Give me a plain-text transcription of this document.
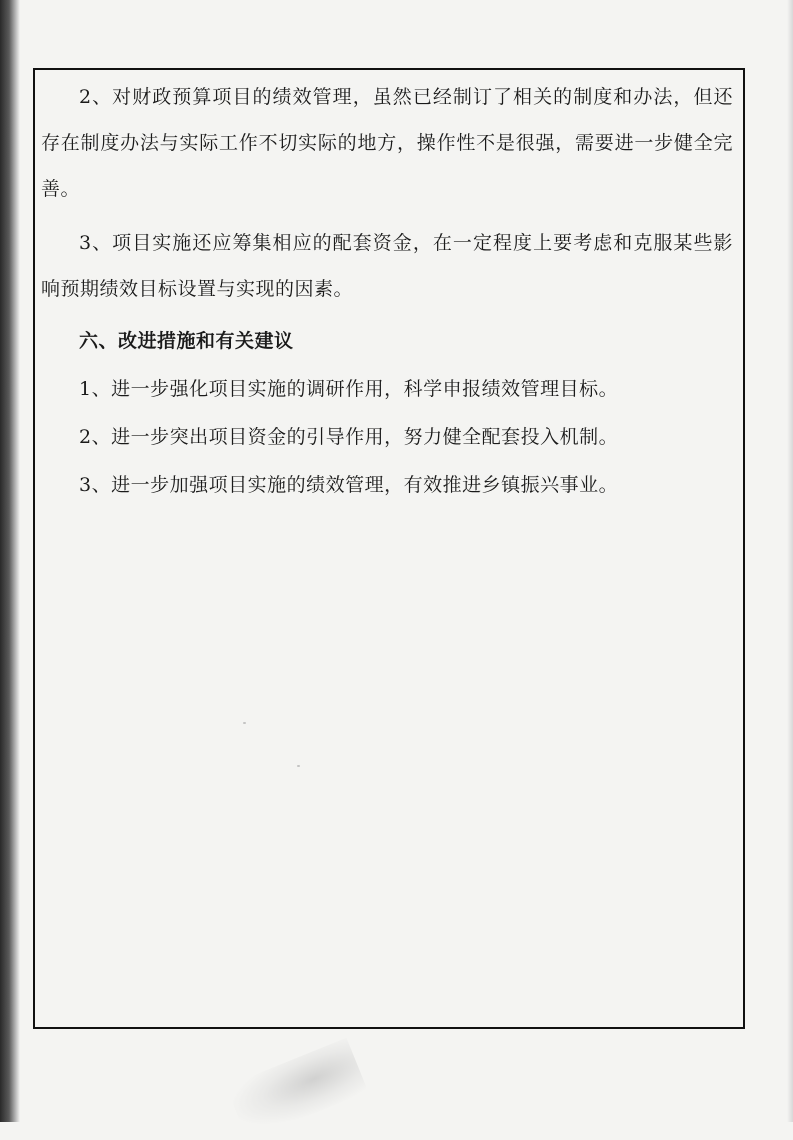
2、对财政预算项目的绩效管理，虽然已经制订了相关的制度和办法，但还存在制度办法与实际工作不切实际的地方，操作性不是很强，需要进一步健全完善。

3、项目实施还应筹集相应的配套资金，在一定程度上要考虑和克服某些影响预期绩效目标设置与实现的因素。

六、改进措施和有关建议

1、进一步强化项目实施的调研作用，科学申报绩效管理目标。

2、进一步突出项目资金的引导作用，努力健全配套投入机制。

3、进一步加强项目实施的绩效管理，有效推进乡镇振兴事业。
